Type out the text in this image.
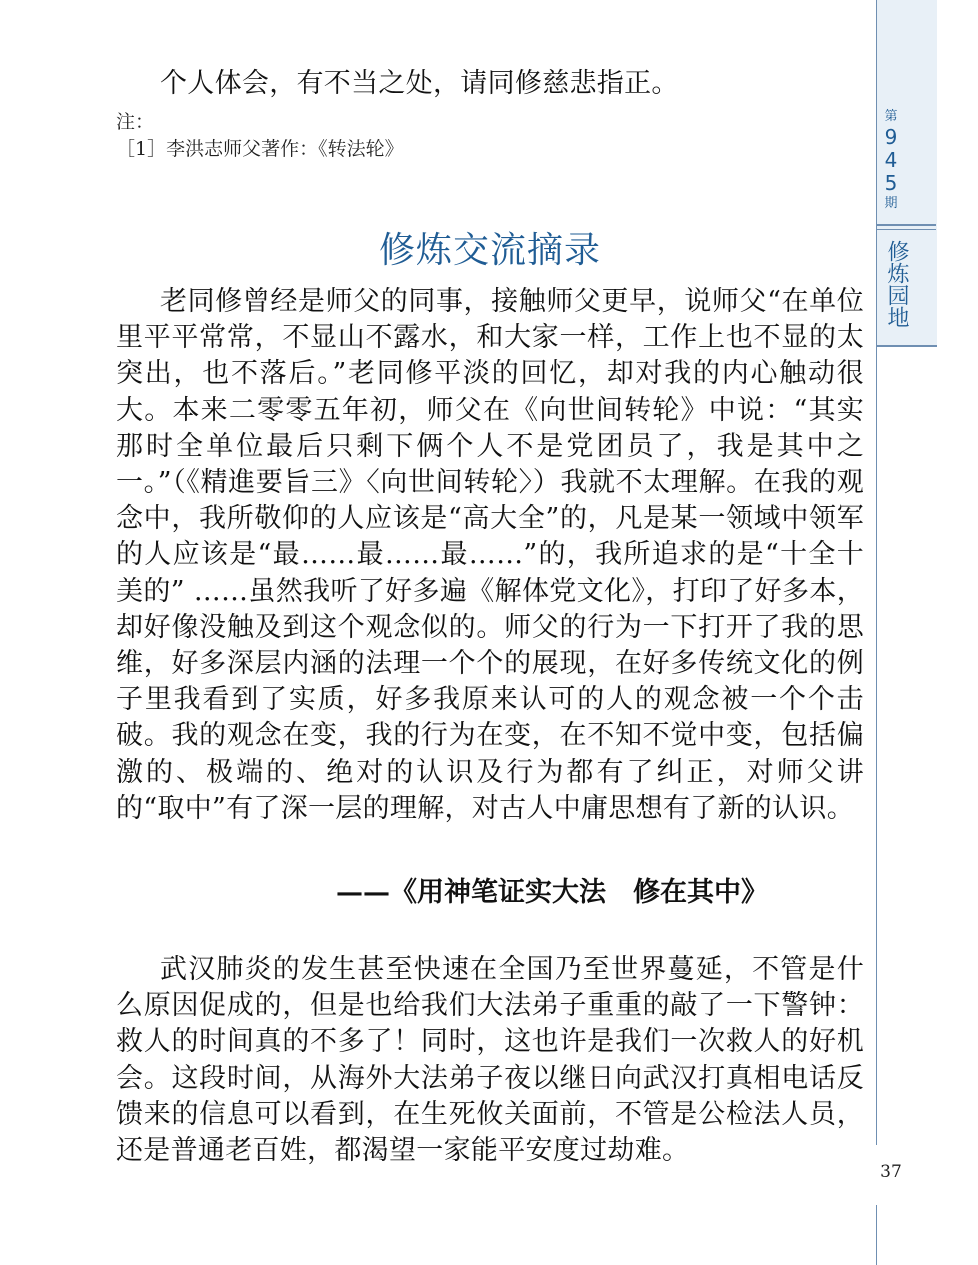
第
9
4
5
期
修炼园地
37

个人体会，有不当之处，请同修慈悲指正。

注：
［1］李洪志师父著作：《转法轮》
修炼交流摘录

老同修曾经是师父的同事，接触师父更早，说师父“在单位里平平常常，不显山不露水，和大家一样，工作上也不显的太突出，也不落后。”老同修平淡的回忆，却对我的内心触动很大。本来二零零五年初，师父在《向世间转轮》中说：“其实那时全单位最后只剩下俩个人不是党团员了，我是其中之一。”（《精進要旨三》〈向世间转轮〉）我就不太理解。在我的观念中，我所敬仰的人应该是“高大全”的，凡是某一领域中领军的人应该是“最……最……最……”的，我所追求的是“十全十美的” ……虽然我听了好多遍《解体党文化》，打印了好多本，却好像没触及到这个观念似的。师父的行为一下打开了我的思维，好多深层内涵的法理一个个的展现，在好多传统文化的例子里我看到了实质，好多我原来认可的人的观念被一个个击破。我的观念在变，我的行为在变，在不知不觉中变，包括偏激的、极端的、绝对的认识及行为都有了纠正，对师父讲的“取中”有了深一层的理解，对古人中庸思想有了新的认识。

——《用神笔证实大法　修在其中》

武汉肺炎的发生甚至快速在全国乃至世界蔓延，不管是什么原因促成的，但是也给我们大法弟子重重的敲了一下警钟：救人的时间真的不多了！同时，这也许是我们一次救人的好机会。这段时间，从海外大法弟子夜以继日向武汉打真相电话反馈来的信息可以看到，在生死攸关面前，不管是公检法人员，还是普通老百姓，都渴望一家能平安度过劫难。
